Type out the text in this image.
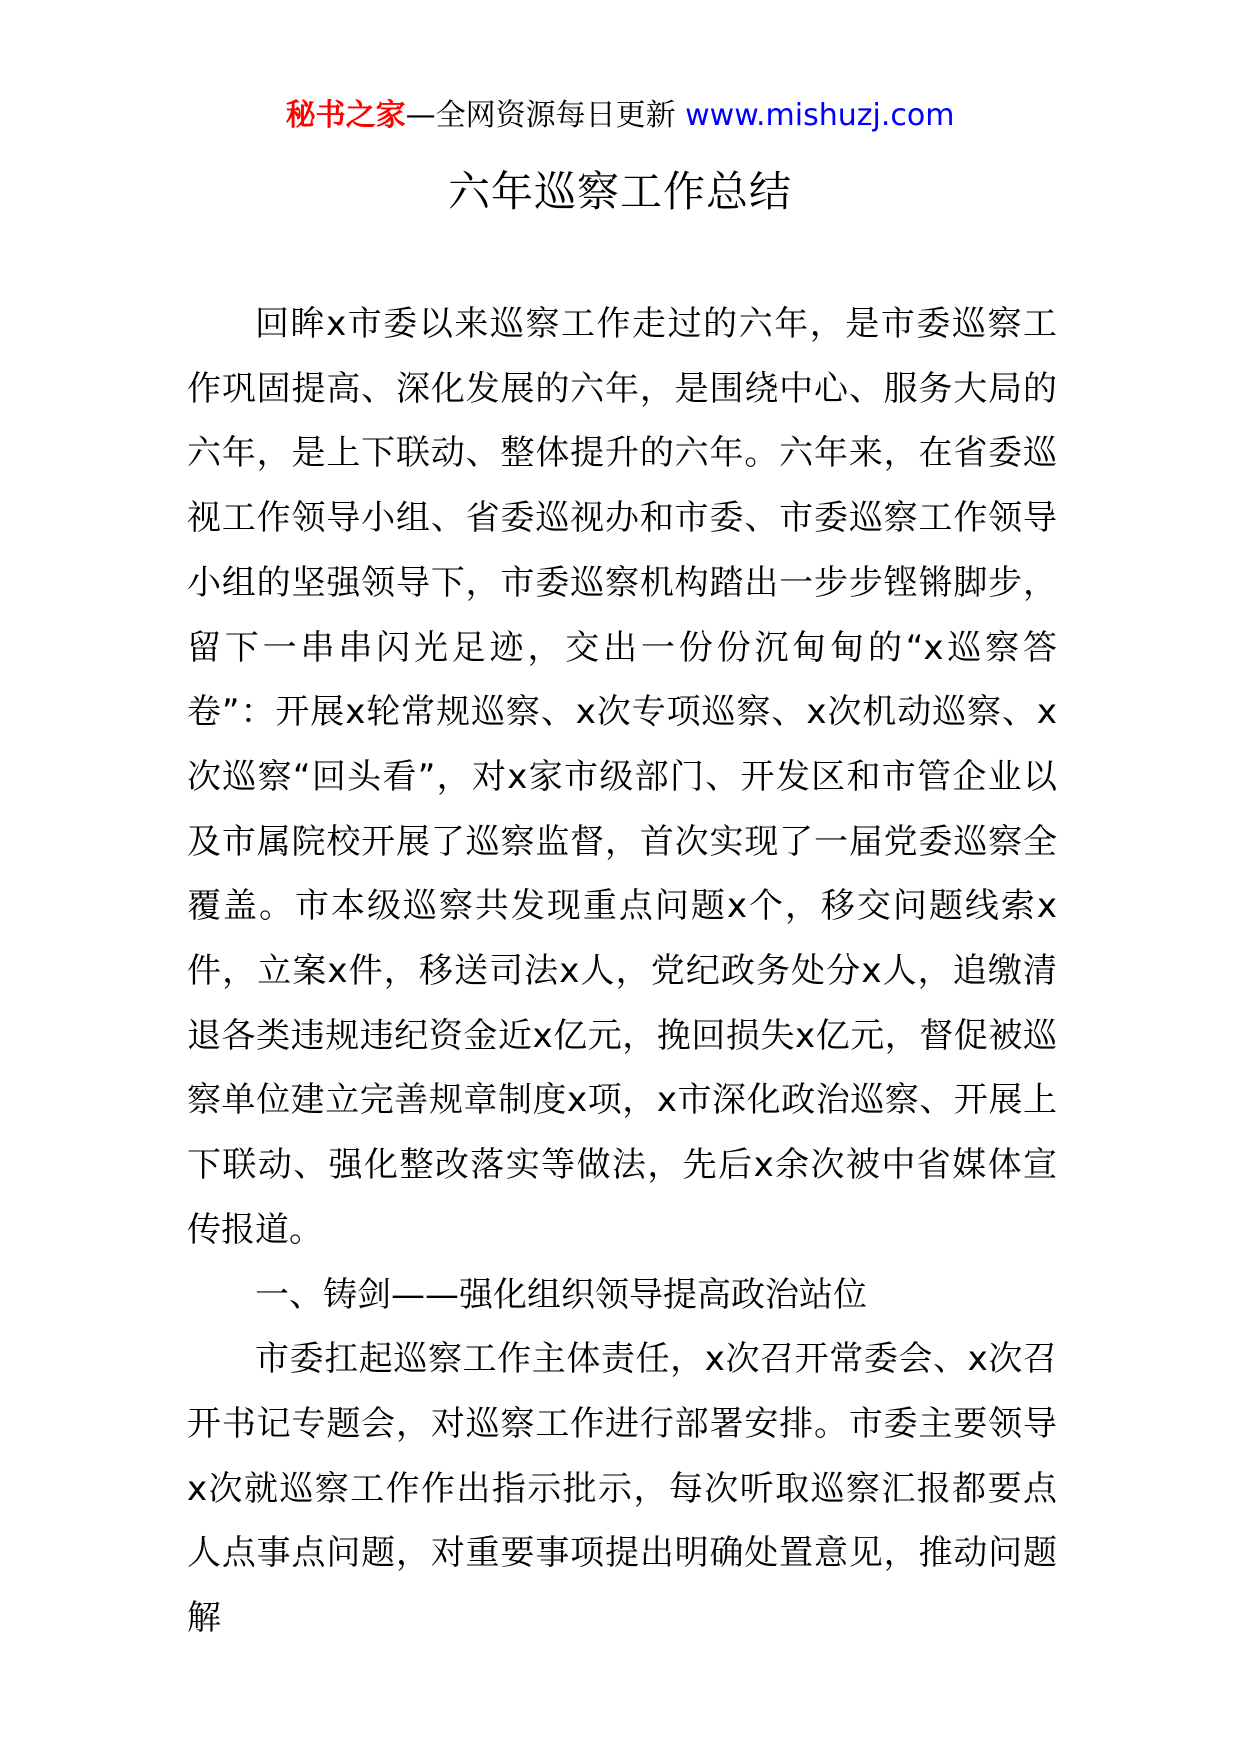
秘书之家—全网资源每日更新 www.mishuzj.com
六年巡察工作总结

回眸x市委以来巡察工作走过的六年，是市委巡察工作巩固提高、深化发展的六年，是围绕中心、服务大局的六年，是上下联动、整体提升的六年。六年来，在省委巡视工作领导小组、省委巡视办和市委、市委巡察工作领导小组的坚强领导下，市委巡察机构踏出一步步铿锵脚步，留下一串串闪光足迹，交出一份份沉甸甸的“x巡察答卷”：开展x轮常规巡察、x次专项巡察、x次机动巡察、x次巡察“回头看”，对x家市级部门、开发区和市管企业以及市属院校开展了巡察监督，首次实现了一届党委巡察全覆盖。市本级巡察共发现重点问题x个，移交问题线索x件，立案x件，移送司法x人，党纪政务处分x人，追缴清退各类违规违纪资金近x亿元，挽回损失x亿元，督促被巡察单位建立完善规章制度x项，x市深化政治巡察、开展上下联动、强化整改落实等做法，先后x余次被中省媒体宣传报道。

一、铸剑——强化组织领导提高政治站位

市委扛起巡察工作主体责任，x次召开常委会、x次召开书记专题会，对巡察工作进行部署安排。市委主要领导x次就巡察工作作出指示批示，每次听取巡察汇报都要点人点事点问题，对重要事项提出明确处置意见，推动问题解
